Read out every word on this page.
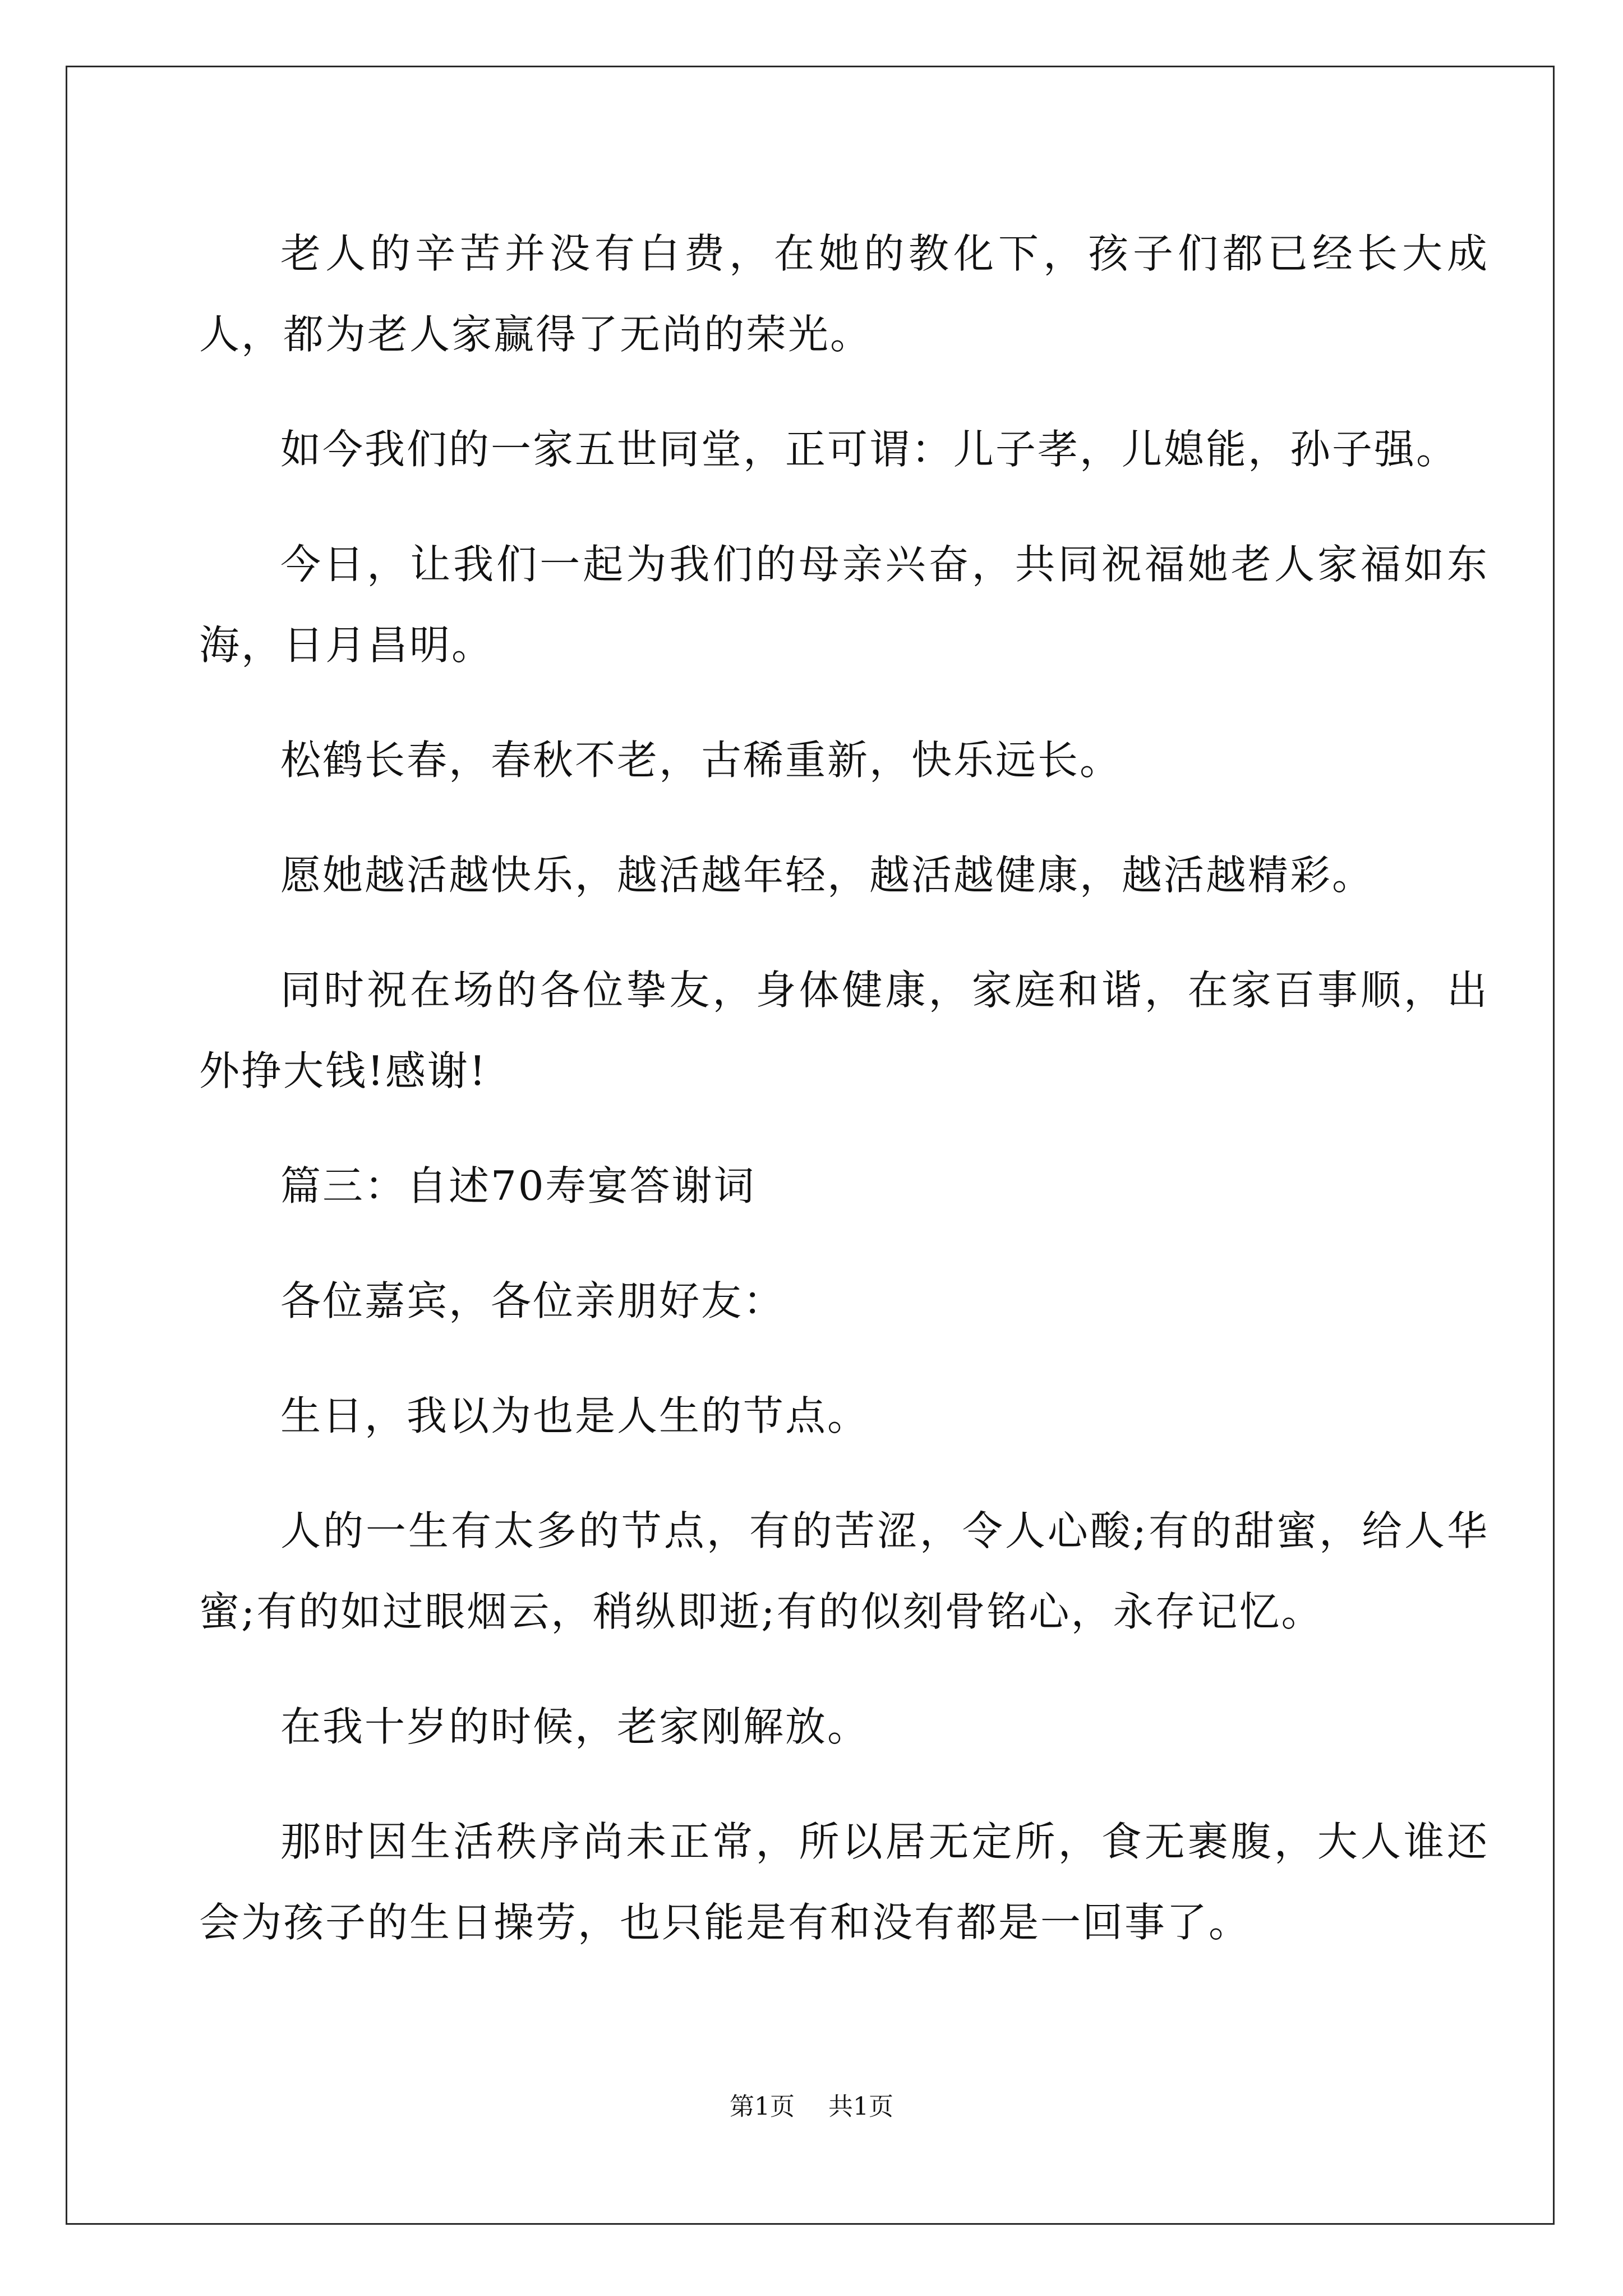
老人的辛苦并没有白费，在她的教化下，孩子们都已经长大成人，都为老人家赢得了无尚的荣光。

如今我们的一家五世同堂，正可谓：儿子孝，儿媳能，孙子强。

今日，让我们一起为我们的母亲兴奋，共同祝福她老人家福如东海，日月昌明。

松鹤长春，春秋不老，古稀重新，快乐远长。

愿她越活越快乐，越活越年轻，越活越健康，越活越精彩。

同时祝在场的各位挚友，身体健康，家庭和谐，在家百事顺，出外挣大钱!感谢!

篇三：自述70寿宴答谢词

各位嘉宾，各位亲朋好友：

生日，我以为也是人生的节点。

人的一生有太多的节点，有的苦涩，令人心酸;有的甜蜜，给人华蜜;有的如过眼烟云，稍纵即逝;有的似刻骨铭心，永存记忆。

在我十岁的时候，老家刚解放。

那时因生活秩序尚未正常，所以居无定所，食无裹腹，大人谁还会为孩子的生日操劳，也只能是有和没有都是一回事了。

第1页 共1页
